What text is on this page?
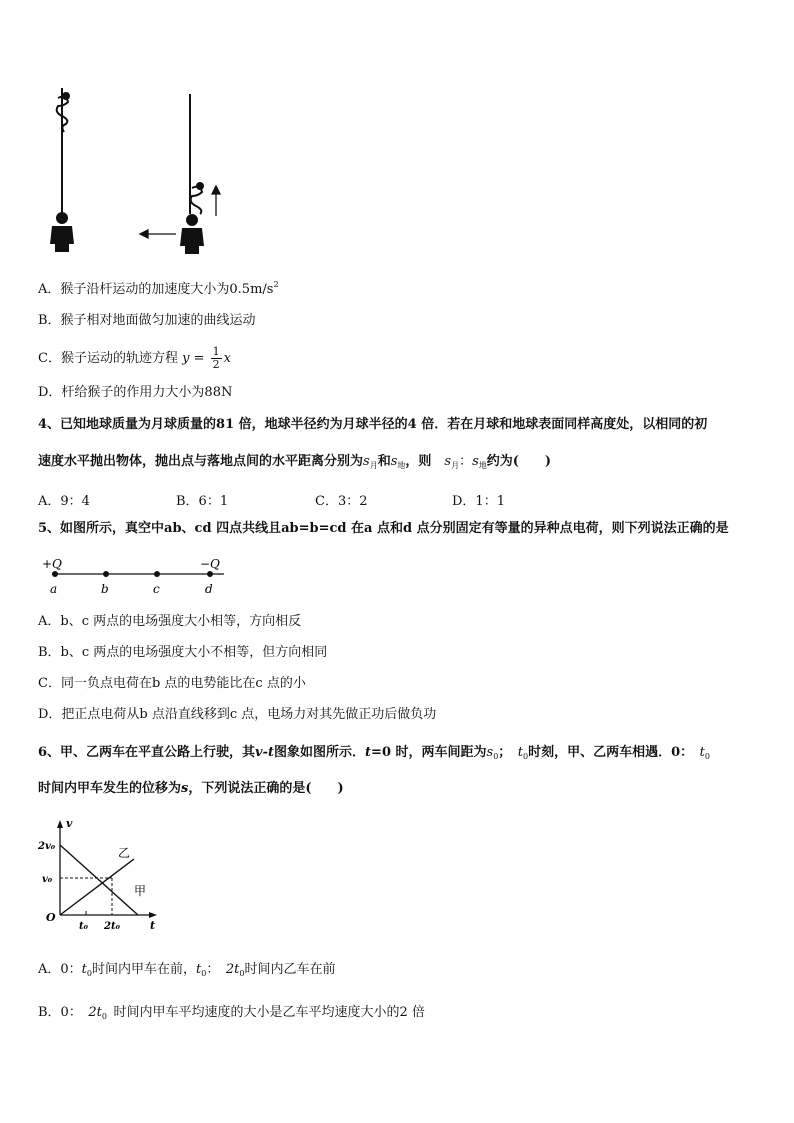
A．猴子沿杆运动的加速度大小为$0.5m/s^2$
B．猴子相对地面做匀加速的曲线运动
C．猴子运动的轨迹方程 $y = \frac{1}{2}$ x
D．杆给猴子的作用力大小为88N
4、已知地球质量为月球质量的81 倍，地球半径约为月球半径的4 倍．若在月球和地球表面同样高度处，以相同的初
速度水平抛出物体，抛出点与落地点间的水平距离分别为$s_月$和$s_地$，则  $s_月$：$s_地$约为(　　)
A．9：4	B．6：1	C．3：2	D．1：1
5、如图所示，真空中ab、cd 四点共线且ab=b=cd 在a 点和d 点分别固定有等量的异种点电荷，则下列说法正确的是
+Q	−Q
a	b	c	d
A．b、c 两点的电场强度大小相等，方向相反
B．b、c 两点的电场强度大小不相等，但方向相同
C．同一负点电荷在b 点的电势能比在c 点的小
D．把正点电荷从b 点沿直线移到c 点，电场力对其先做正功后做负功
6、甲、乙两车在平直公路上行驶，其v-t图象如图所示．t=0 时，两车间距为$s_0$；  $t_0$时刻，甲、乙两车相遇．0：  $t_0$
时间内甲车发生的位移为s，下列说法正确的是(　　)
v
t
O
2v₀
v₀
t₀ 2t₀
乙
甲
A．0：$t_0$时间内甲车在前，$t_0$：  $2t_0$时间内乙车在前
B．0：  $2t_0$  时间内甲车平均速度的大小是乙车平均速度大小的2 倍
